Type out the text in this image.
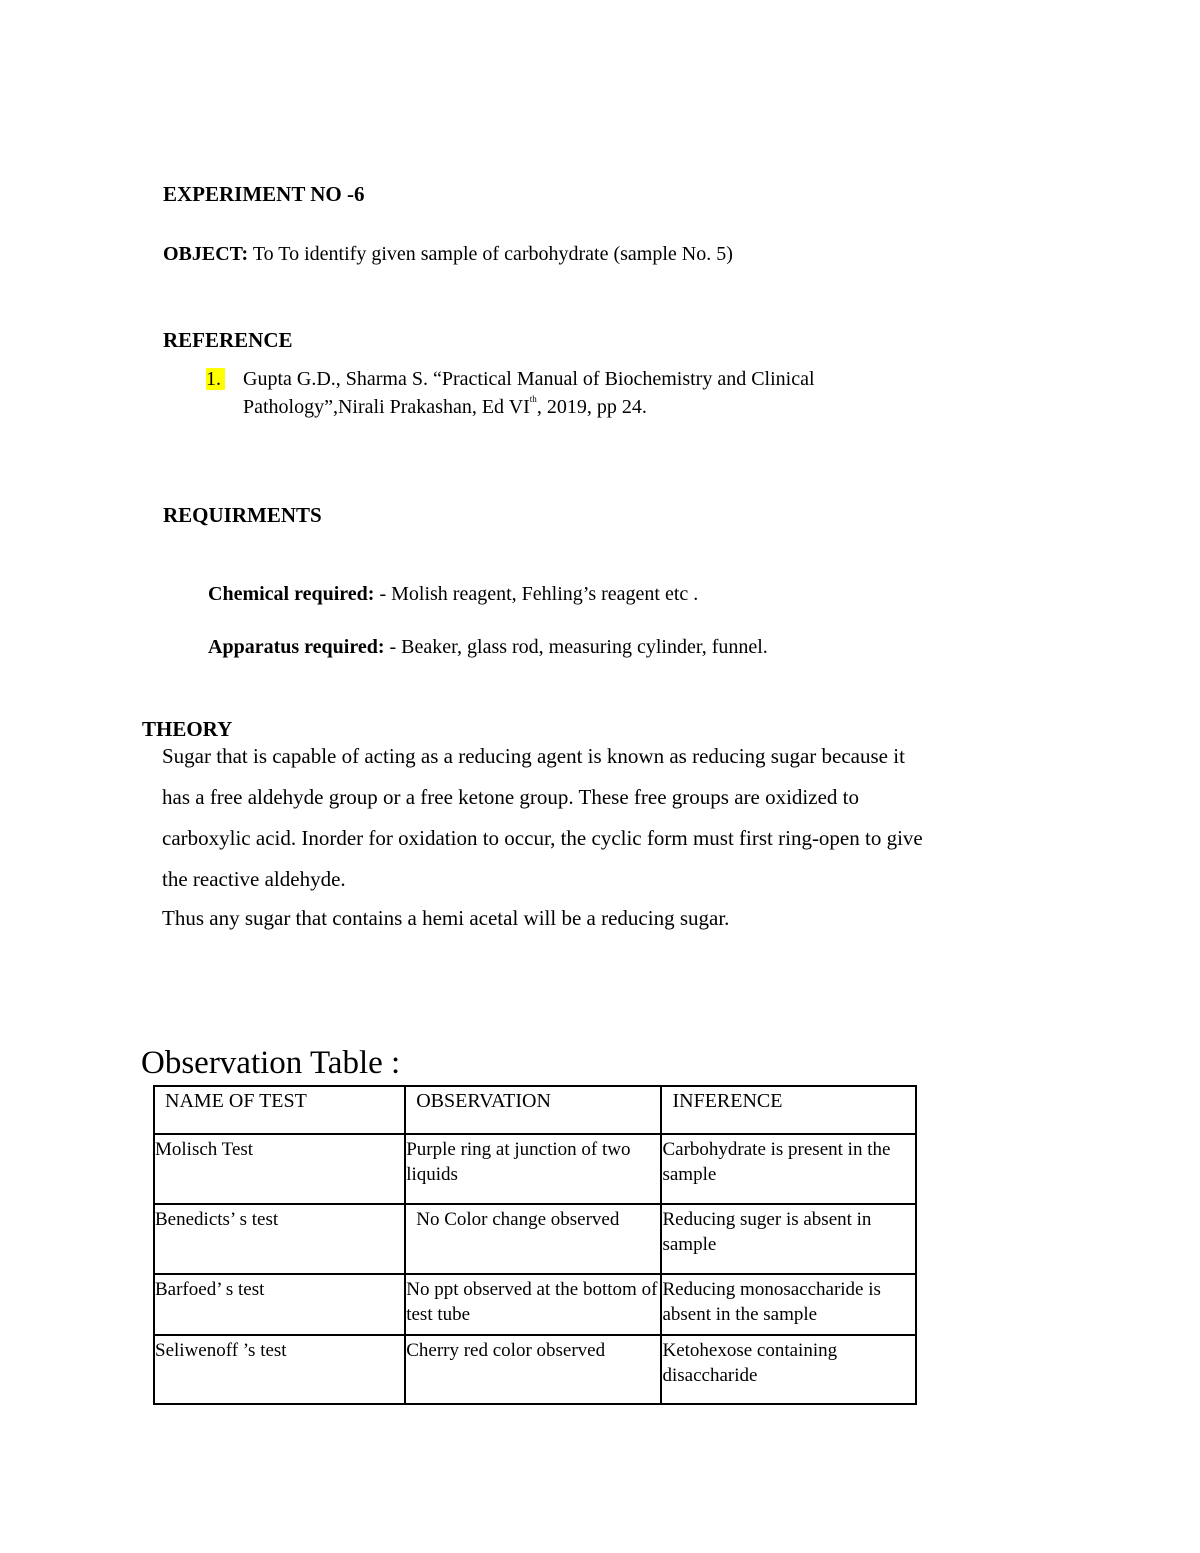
EXPERIMENT NO -6
OBJECT: To To identify given sample of carbohydrate (sample No. 5)
REFERENCE
1. Gupta G.D., Sharma S. “Practical Manual of Biochemistry and Clinical
Pathology”,Nirali Prakashan, Ed VIth, 2019, pp 24.
REQUIRMENTS
Chemical required: - Molish reagent, Fehling’s reagent etc .
Apparatus required: - Beaker, glass rod, measuring cylinder, funnel.
THEORY
Sugar that is capable of acting as a reducing agent is known as reducing sugar because it
has a free aldehyde group or a free ketone group. These free groups are oxidized to
carboxylic acid. Inorder for oxidation to occur, the cyclic form must first ring-open to give
the reactive aldehyde.
Thus any sugar that contains a hemi acetal will be a reducing sugar.
Observation Table :
NAME OF TEST	OBSERVATION	INFERENCE
Molisch Test	Purple ring at junction of two liquids	Carbohydrate is present in the sample
Benedicts’ s test	No Color change observed	Reducing suger is absent in sample
Barfoed’ s test	No ppt observed at the bottom of test tube	Reducing monosaccharide is absent in the sample
Seliwenoff ’s test	Cherry red color observed	Ketohexose containing disaccharide
